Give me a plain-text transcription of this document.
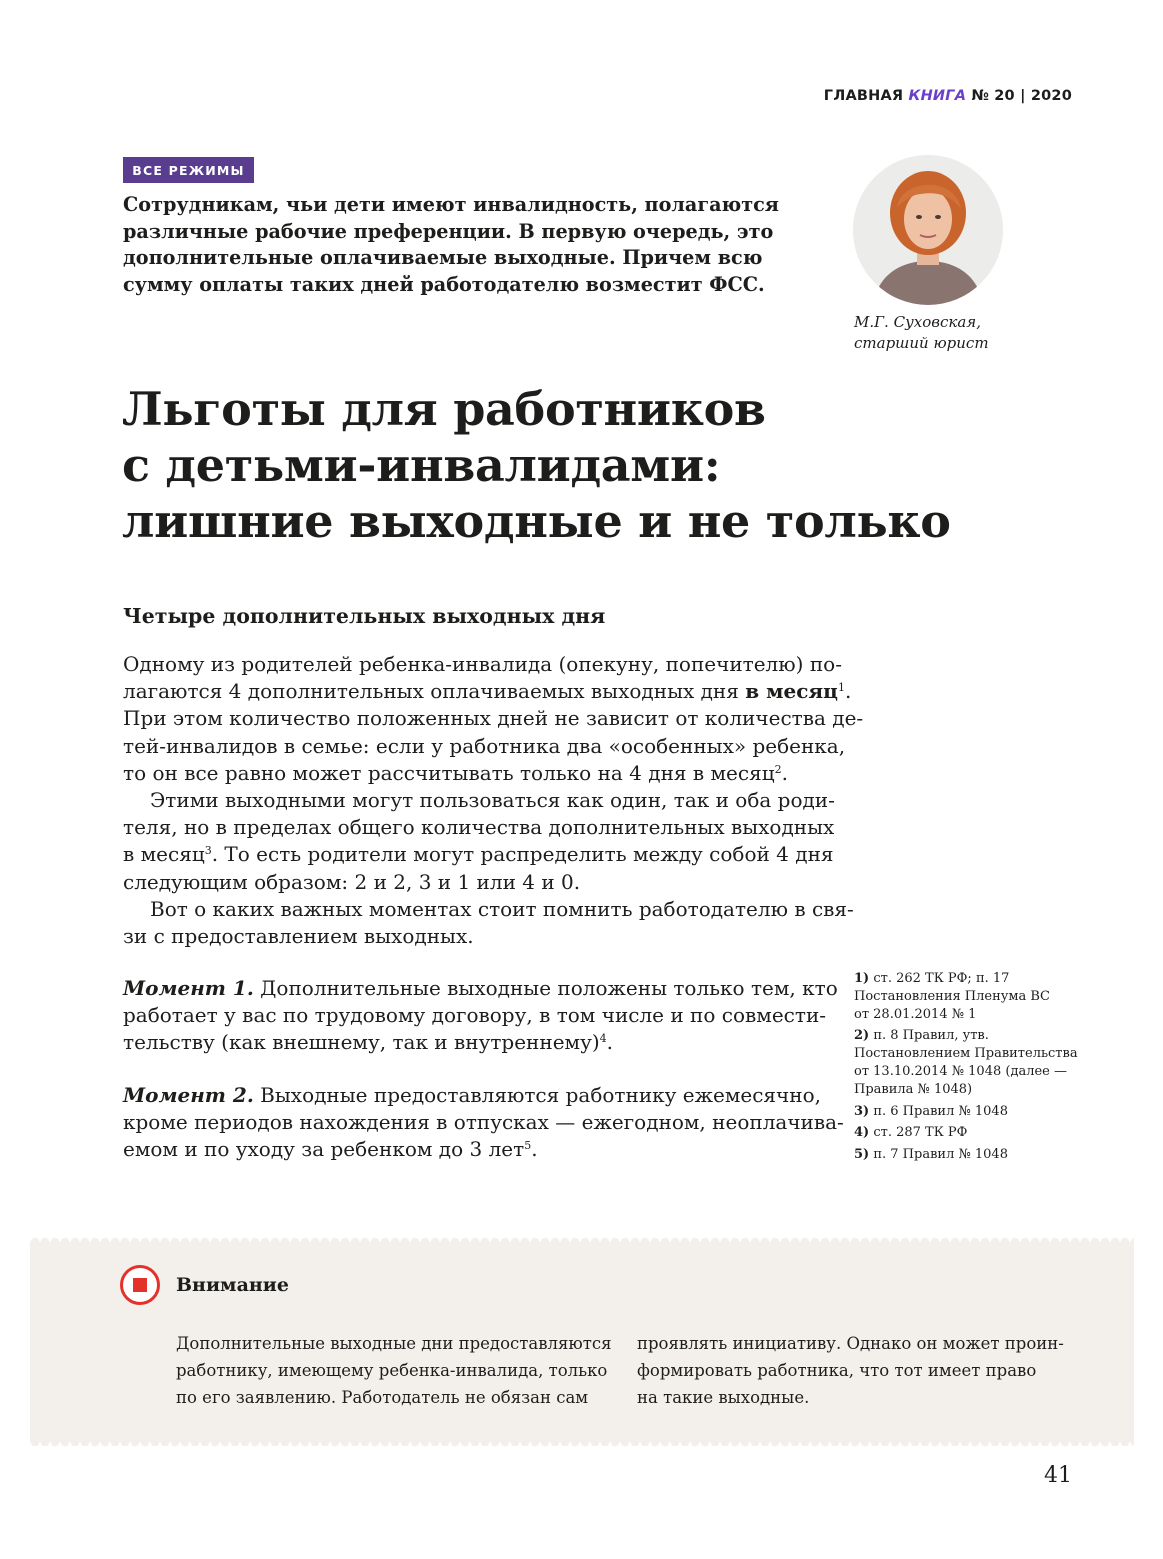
ГЛАВНАЯ КНИГА № 20 | 2020
ВСЕ РЕЖИМЫ
Сотрудникам, чьи дети имеют инвалидность, полагаются
различные рабочие преференции. В первую очередь, это
дополнительные оплачиваемые выходные. Причем всю
сумму оплаты таких дней работодателю возместит ФСС.
М.Г. Суховская,
старший юрист
Льготы для работников
с детьми-инвалидами:
лишние выходные и не только
Четыре дополнительных выходных дня
Одному из родителей ребенка-инвалида (опекуну, попечителю) по-
лагаются 4 дополнительных оплачиваемых выходных дня в месяц$^1$.
При этом количество положенных дней не зависит от количества де-
тей-инвалидов в семье: если у работника два «особенных» ребенка,
то он все равно может рассчитывать только на 4 дня в месяц$^2$.
Этими выходными могут пользоваться как один, так и оба роди-
теля, но в пределах общего количества дополнительных выходных
в месяц$^3$. То есть родители могут распределить между собой 4 дня
следующим образом: 2 и 2, 3 и 1 или 4 и 0.
Вот о каких важных моментах стоит помнить работодателю в свя-
зи с предоставлением выходных.
Момент 1. Дополнительные выходные положены только тем, кто
работает у вас по трудовому договору, в том числе и по совмести-
тельству (как внешнему, так и внутреннему)$^4$.
Момент 2. Выходные предоставляются работнику ежемесячно,
кроме периодов нахождения в отпусках — ежегодном, неоплачива-
емом и по уходу за ребенком до 3 лет$^5$.
1) ст. 262 ТК РФ; п. 17
Постановления Пленума ВС
от 28.01.2014 № 1
2) п. 8 Правил, утв.
Постановлением Правительства
от 13.10.2014 № 1048 (далее —
Правила № 1048)
3) п. 6 Правил № 1048
4) ст. 287 ТК РФ
5) п. 7 Правил № 1048
Внимание
Дополнительные выходные дни предоставляются
работнику, имеющему ребенка-инвалида, только
по его заявлению. Работодатель не обязан сам
проявлять инициативу. Однако он может проин-
формировать работника, что тот имеет право
на такие выходные.
41
